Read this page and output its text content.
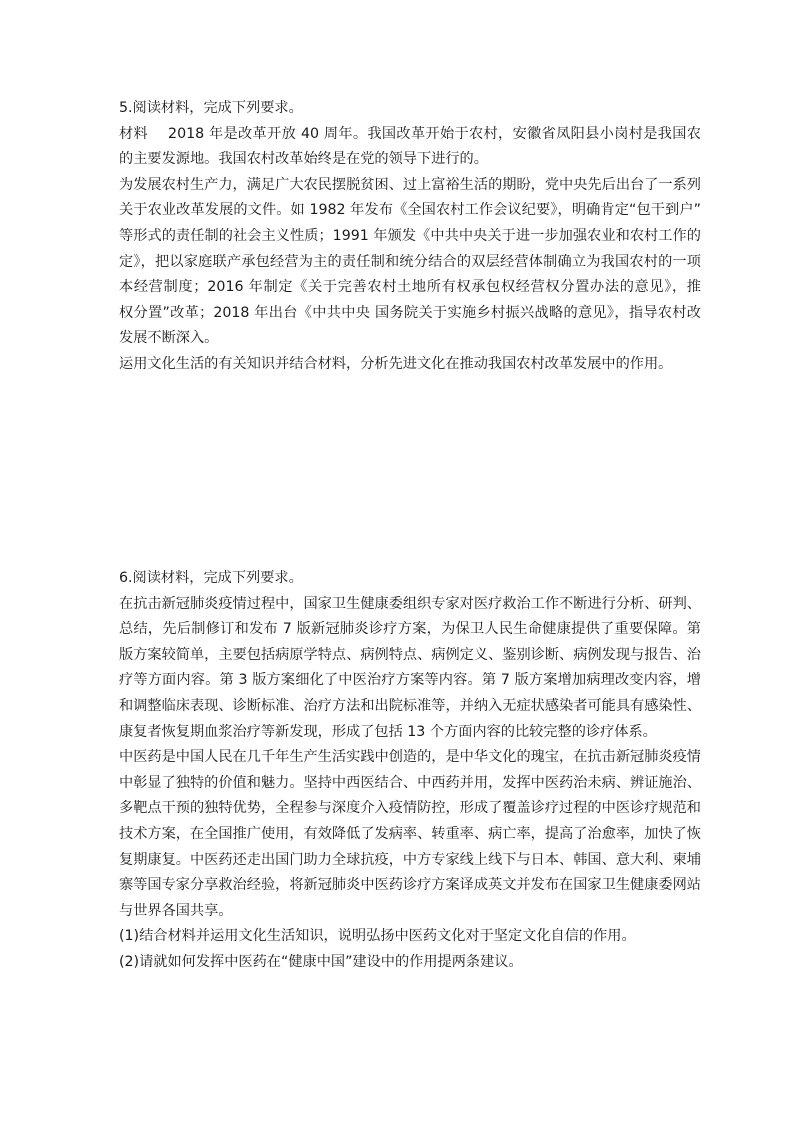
5.阅读材料，完成下列要求。

材料 2018 年是改革开放 40 周年。我国改革开始于农村，安徽省凤阳县小岗村是我国农

的主要发源地。我国农村改革始终是在党的领导下进行的。

为发展农村生产力，满足广大农民摆脱贫困、过上富裕生活的期盼，党中央先后出台了一系列

关于农业改革发展的文件。如 1982 年发布《全国农村工作会议纪要》，明确肯定“包干到户”

等形式的责任制的社会主义性质；1991 年颁发《中共中央关于进一步加强农业和农村工作的

定》，把以家庭联产承包经营为主的责任制和统分结合的双层经营体制确立为我国农村的一项

本经营制度；2016 年制定《关于完善农村土地所有权承包权经营权分置办法的意见》，推

权分置”改革；2018 年出台《中共中央 国务院关于实施乡村振兴战略的意见》，指导农村改

发展不断深入。

运用文化生活的有关知识并结合材料，分析先进文化在推动我国农村改革发展中的作用。

6.阅读材料，完成下列要求。

在抗击新冠肺炎疫情过程中，国家卫生健康委组织专家对医疗救治工作不断进行分析、研判、

总结，先后制修订和发布 7 版新冠肺炎诊疗方案，为保卫人民生命健康提供了重要保障。第

版方案较简单，主要包括病原学特点、病例特点、病例定义、鉴别诊断、病例发现与报告、治

疗等方面内容。第 3 版方案细化了中医治疗方案等内容。第 7 版方案增加病理改变内容，增

和调整临床表现、诊断标准、治疗方法和出院标准等，并纳入无症状感染者可能具有感染性、

康复者恢复期血浆治疗等新发现，形成了包括 13 个方面内容的比较完整的诊疗体系。

中医药是中国人民在几千年生产生活实践中创造的，是中华文化的瑰宝，在抗击新冠肺炎疫情

中彰显了独特的价值和魅力。坚持中西医结合、中西药并用，发挥中医药治未病、辨证施治、

多靶点干预的独特优势，全程参与深度介入疫情防控，形成了覆盖诊疗过程的中医诊疗规范和

技术方案，在全国推广使用，有效降低了发病率、转重率、病亡率，提高了治愈率，加快了恢

复期康复。中医药还走出国门助力全球抗疫，中方专家线上线下与日本、韩国、意大利、柬埔

寨等国专家分享救治经验，将新冠肺炎中医药诊疗方案译成英文并发布在国家卫生健康委网站

与世界各国共享。

(1)结合材料并运用文化生活知识，说明弘扬中医药文化对于坚定文化自信的作用。

(2)请就如何发挥中医药在“健康中国”建设中的作用提两条建议。
